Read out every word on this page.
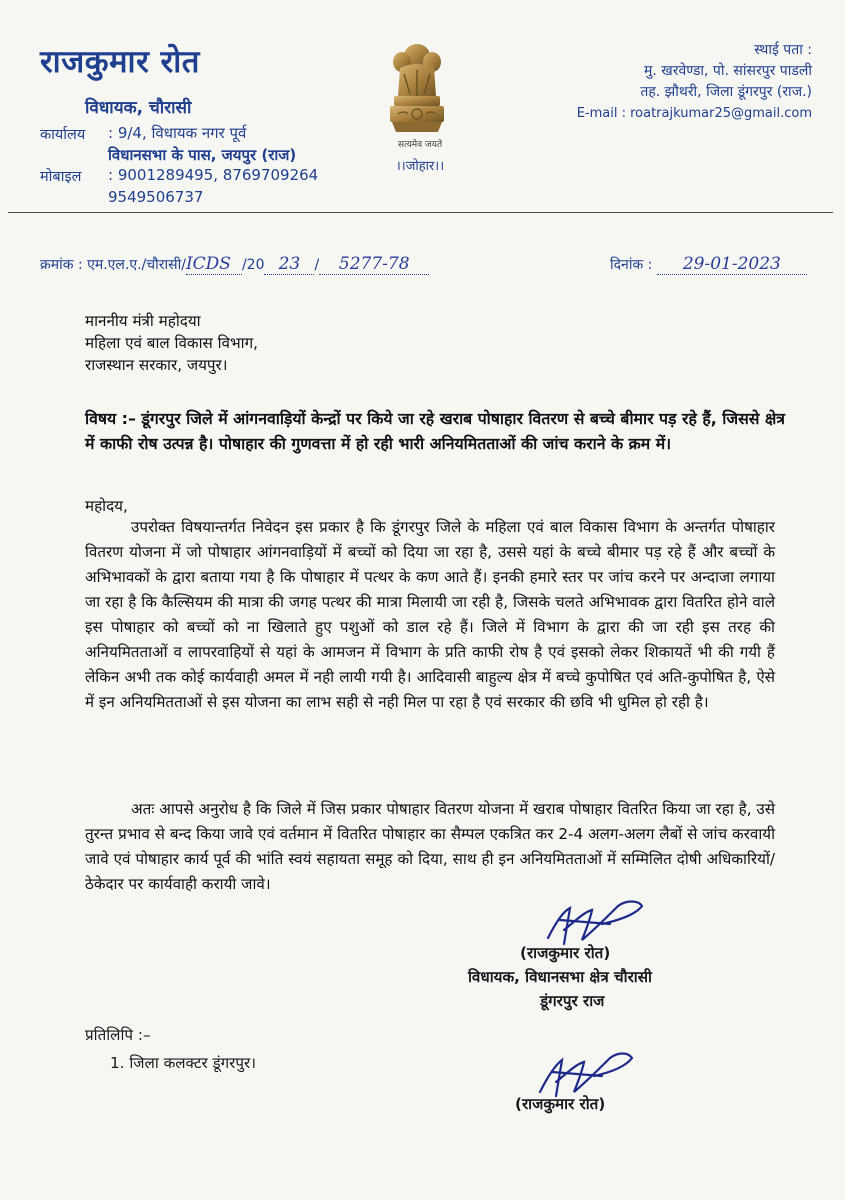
राजकुमार रोत
विधायक, चौरासी
कार्यालय : 9/4, विधायक नगर पूर्व
विधानसभा के पास, जयपुर (राज)
मोबाइल : 9001289495, 8769709264
9549506737
सत्यमेव जयते
।।जोहार।।
स्थाई पता :
मु. खरवेण्डा, पो. सांसरपुर पाडली
तह. झौथरी, जिला डूंगरपुर (राज.)
E-mail : roatrajkumar25@gmail.com
क्रमांक : एम.एल.ए./चौरासी/ICDS /20 23 / 5277-78	दिनांक : 29-01-2023
माननीय मंत्री महोदया
महिला एवं बाल विकास विभाग,
राजस्थान सरकार, जयपुर।
विषय :– डूंगरपुर जिले में आंगनवाड़ियों केन्द्रों पर किये जा रहे खराब पोषाहार वितरण से बच्चे बीमार पड़ रहे हैं, जिससे क्षेत्र में काफी रोष उत्पन्न है। पोषाहार की गुणवत्ता में हो रही भारी अनियमितताओं की जांच कराने के क्रम में।
महोदय,
उपरोक्त विषयान्तर्गत निवेदन इस प्रकार है कि डूंगरपुर जिले के महिला एवं बाल विकास विभाग के अन्तर्गत पोषाहार वितरण योजना में जो पोषाहार आंगनवाड़ियों में बच्चों को दिया जा रहा है, उससे यहां के बच्चे बीमार पड़ रहे हैं और बच्चों के अभिभावकों के द्वारा बताया गया है कि पोषाहार में पत्थर के कण आते हैं। इनकी हमारे स्तर पर जांच करने पर अन्दाजा लगाया जा रहा है कि कैल्सियम की मात्रा की जगह पत्थर की मात्रा मिलायी जा रही है, जिसके चलते अभिभावक द्वारा वितरित होने वाले इस पोषाहार को बच्चों को ना खिलाते हुए पशुओं को डाल रहे हैं। जिले में विभाग के द्वारा की जा रही इस तरह की अनियमितताओं व लापरवाहियों से यहां के आमजन में विभाग के प्रति काफी रोष है एवं इसको लेकर शिकायतें भी की गयी हैं लेकिन अभी तक कोई कार्यवाही अमल में नही लायी गयी है। आदिवासी बाहुल्य क्षेत्र में बच्चे कुपोषित एवं अति-कुपोषित है, ऐसे में इन अनियमितताओं से इस योजना का लाभ सही से नही मिल पा रहा है एवं सरकार की छवि भी धुमिल हो रही है।
अतः आपसे अनुरोध है कि जिले में जिस प्रकार पोषाहार वितरण योजना में खराब पोषाहार वितरित किया जा रहा है, उसे तुरन्त प्रभाव से बन्द किया जावे एवं वर्तमान में वितरित पोषाहार का सैम्पल एकत्रित कर 2-4 अलग-अलग लैबों से जांच करवायी जावे एवं पोषाहार कार्य पूर्व की भांति स्वयं सहायता समूह को दिया, साथ ही इन अनियमितताओं में सम्मिलित दोषी अधिकारियों/ठेकेदार पर कार्यवाही करायी जावे।
(राजकुमार रोत)
विधायक, विधानसभा क्षेत्र चौरासी
डूंगरपुर राज
प्रतिलिपि :–
1. जिला कलक्टर डूंगरपुर।
(राजकुमार रोत)
